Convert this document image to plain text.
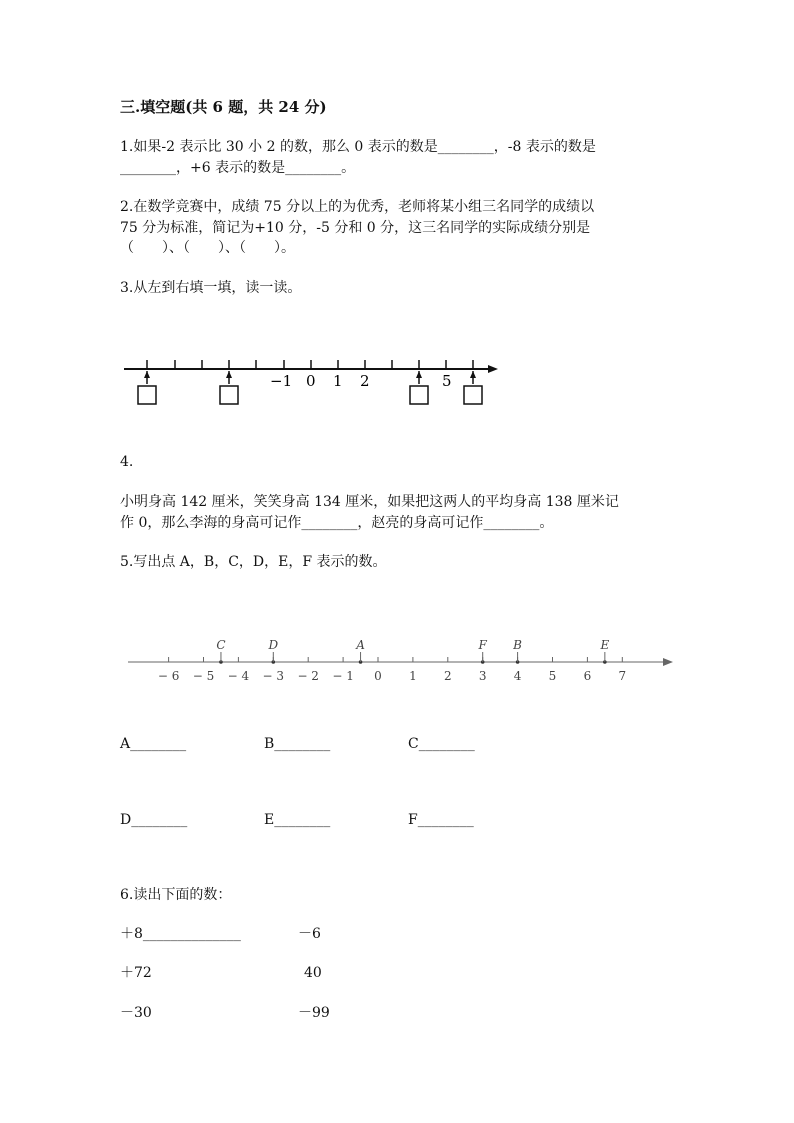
三.填空题(共 6 题，共 24 分)
1.如果-2 表示比 30 小 2 的数，那么 0 表示的数是________，-8 表示的数是
________，+6 表示的数是________。
2.在数学竞赛中，成绩 75 分以上的为优秀，老师将某小组三名同学的成绩以
75 分为标准，简记为+10 分，-5 分和 0 分，这三名同学的实际成绩分别是
（　　）、（　　）、（　　）。
3.从左到右填一填，读一读。
−1 0 1 2	5
4.
小明身高 142 厘米，笑笑身高 134 厘米，如果把这两人的平均身高 138 厘米记
作 0，那么李海的身高可记作________，赵亮的身高可记作________。
5.写出点 A，B，C，D，E，F 表示的数。
− 6 − 5 − 4 − 3 − 2 − 1 0 1 2 3 4 5 6 7
C	D	A	F B	E
A________	B________	C________
D________	E________	F________
6.读出下面的数：
＋8______________	－6
＋72	40
－30	－99
